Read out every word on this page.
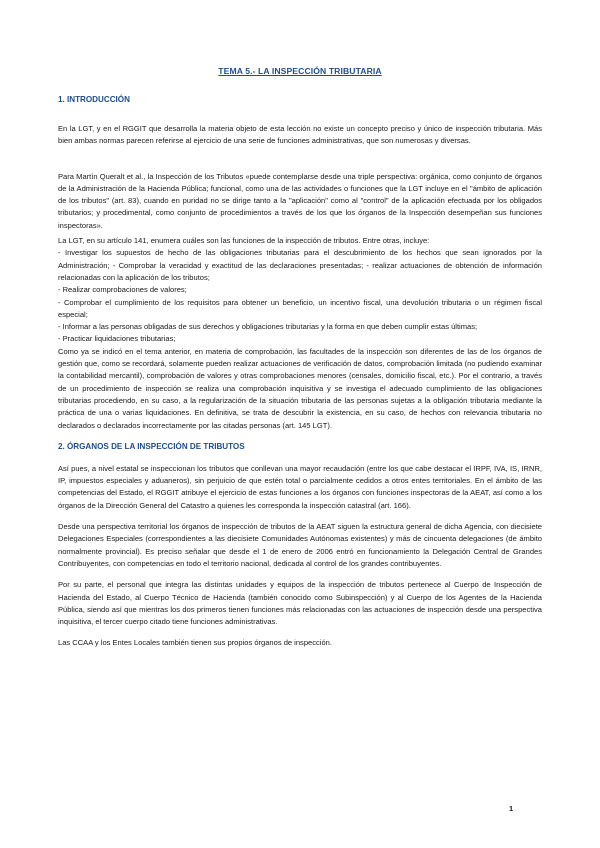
TEMA 5.- LA INSPECCIÓN TRIBUTARIA
1. INTRODUCCIÓN

En la LGT, y en el RGGIT que desarrolla la materia objeto de esta lección no existe un concepto preciso y único de inspección tributaria. Más bien ambas normas parecen referirse al ejercicio de una serie de funciones administrativas, que son numerosas y diversas.

Para Martín Queralt et al., la Inspección de los Tributos «puede contemplarse desde una triple perspectiva: orgánica, como conjunto de órganos de la Administración de la Hacienda Pública; funcional, como una de las actividades o funciones que la LGT incluye en el "ámbito de aplicación de los tributos" (art. 83), cuando en puridad no se dirige tanto a la "aplicación" como al "control" de la aplicación efectuada por los obligados tributarios; y procedimental, como conjunto de procedimientos a través de los que los órganos de la Inspección desempeñan sus funciones inspectoras».

La LGT, en su artículo 141, enumera cuáles son las funciones de la inspección de tributos. Entre otras, incluye:

- Investigar los supuestos de hecho de las obligaciones tributarias para el descubrimiento de los hechos que sean ignorados por la Administración; - Comprobar la veracidad y exactitud de las declaraciones presentadas; - realizar actuaciones de obtención de información relacionadas con la aplicación de los tributos;

- Realizar comprobaciones de valores;

- Comprobar el cumplimiento de los requisitos para obtener un beneficio, un incentivo fiscal, una devolución tributaria o un régimen fiscal especial;

- Informar a las personas obligadas de sus derechos y obligaciones tributarias y la forma en que deben cumplir estas últimas;

- Practicar liquidaciones tributarias;

Como ya se indicó en el tema anterior, en materia de comprobación, las facultades de la inspección son diferentes de las de los órganos de gestión que, como se recordará, solamente pueden realizar actuaciones de verificación de datos, comprobación limitada (no pudiendo examinar la contabilidad mercantil), comprobación de valores y otras comprobaciones menores (censales, domicilio fiscal, etc.). Por el contrario, a través de un procedimiento de inspección se realiza una comprobación inquisitiva y se investiga el adecuado cumplimiento de las obligaciones tributarias procediendo, en su caso, a la regularización de la situación tributaria de las personas sujetas a la obligación tributaria mediante la práctica de una o varias liquidaciones. En definitiva, se trata de descubrir la existencia, en su caso, de hechos con relevancia tributaria no declarados o declarados incorrectamente por las citadas personas (art. 145 LGT).

2. ÓRGANOS DE LA INSPECCIÓN DE TRIBUTOS

Así pues, a nivel estatal se inspeccionan los tributos que conllevan una mayor recaudación (entre los que cabe destacar el IRPF, IVA, IS, IRNR, IP, impuestos especiales y aduaneros), sin perjuicio de que estén total o parcialmente cedidos a otros entes territoriales. En el ámbito de las competencias del Estado, el RGGIT atribuye el ejercicio de estas funciones a los órganos con funciones inspectoras de la AEAT, así como a los órganos de la Dirección General del Catastro a quienes les corresponda la inspección catastral (art. 166).

Desde una perspectiva territorial los órganos de inspección de tributos de la AEAT siguen la estructura general de dicha Agencia, con diecisiete Delegaciones Especiales (correspondientes a las diecisiete Comunidades Autónomas existentes) y más de cincuenta delegaciones (de ámbito normalmente provincial). Es preciso señalar que desde el 1 de enero de 2006 entró en funcionamiento la Delegación Central de Grandes Contribuyentes, con competencias en todo el territorio nacional, dedicada al control de los grandes contribuyentes.

Por su parte, el personal que integra las distintas unidades y equipos de la inspección de tributos pertenece al Cuerpo de Inspección de Hacienda del Estado, al Cuerpo Técnico de Hacienda (también conocido como Subinspección) y al Cuerpo de los Agentes de la Hacienda Pública, siendo así que mientras los dos primeros tienen funciones más relacionadas con las actuaciones de inspección desde una perspectiva inquisitiva, el tercer cuerpo citado tiene funciones administrativas.

Las CCAA y los Entes Locales también tienen sus propios órganos de inspección.

1
